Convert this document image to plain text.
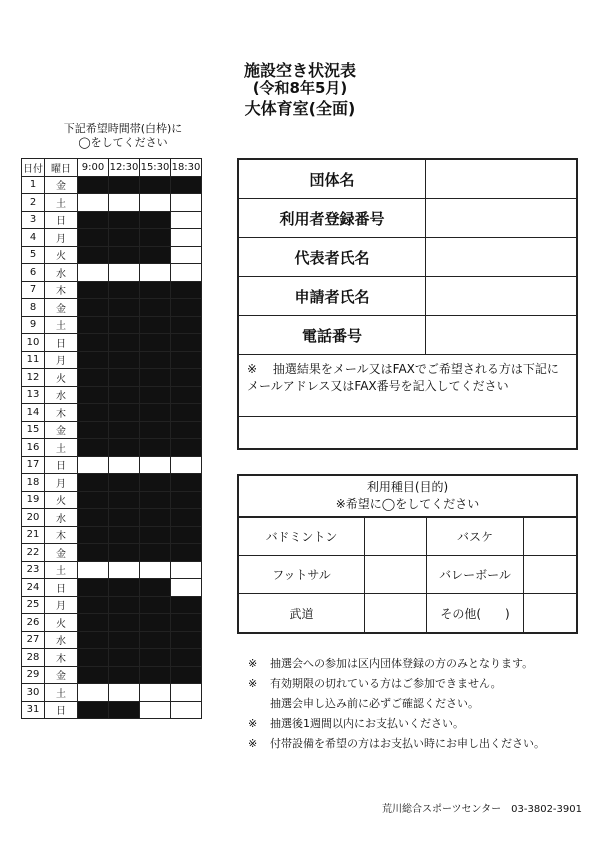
施設空き状況表
(令和8年5月)
大体育室(全面)
下記希望時間帯(白枠)に
◯をしてください
日付	曜日	9:00	12:30	15:30	18:30
1	金				
2	土				
3	日				
4	月				
5	火				
6	水				
7	木				
8	金				
9	土				
10	日				
11	月				
12	火				
13	水				
14	木				
15	金				
16	土				
17	日				
18	月				
19	火				
20	水				
21	木				
22	金				
23	土				
24	日				
25	月				
26	火				
27	水				
28	木				
29	金				
30	土				
31	日				
団体名
利用者登録番号
代表者氏名
申請者氏名
電話番号
※ 抽選結果をメール又はFAXでご希望される方は下記にメールアドレス又はFAX番号を記入してください
利用種目(目的)
※希望に◯をしてください
バドミントン	バスケ
フットサル	バレーボール
武道	その他(　　)
※	抽選会への参加は区内団体登録の方のみとなります。
※	有効期限の切れている方はご参加できません。
抽選会申し込み前に必ずご確認ください。
※	抽選後1週間以内にお支払いください。
※	付帯設備を希望の方はお支払い時にお申し出ください。
荒川総合スポーツセンター　03-3802-3901
